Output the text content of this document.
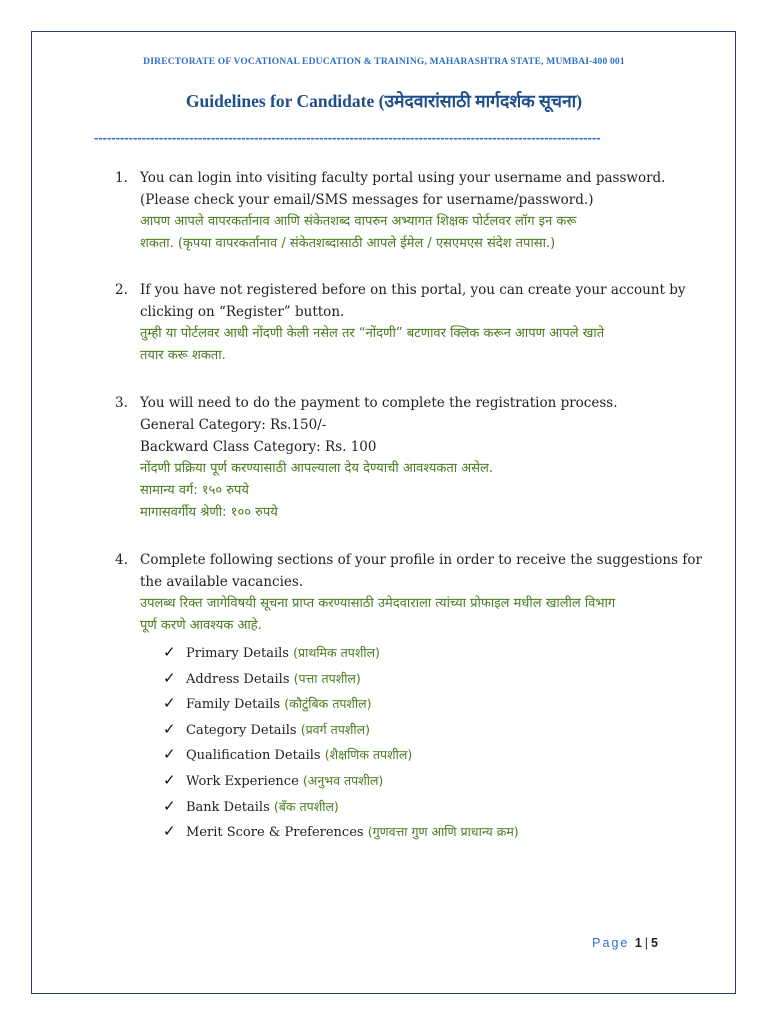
DIRECTORATE OF VOCATIONAL EDUCATION & TRAINING, MAHARASHTRA STATE, MUMBAI-400 001
Guidelines for Candidate (उमेदवारांसाठी मार्गदर्शक सूचना)
---------------------------------------------------------------------------------------------------------------------
1. You can login into visiting faculty portal using your username and password.
(Please check your email/SMS messages for username/password.)
आपण आपले वापरकर्तानाव आणि संकेतशब्द वापरुन अभ्यागत शिक्षक पोर्टलवर लॉग इन करू
शकता. (कृपया वापरकर्तानाव / संकेतशब्दासाठी आपले ईमेल / एसएमएस संदेश तपासा.)
2. If you have not registered before on this portal, you can create your account by
clicking on “Register” button.
तुम्ही या पोर्टलवर आधी नोंदणी केली नसेल तर “नोंदणी” बटणावर क्लिक करून आपण आपले खाते
तयार करू शकता.
3. You will need to do the payment to complete the registration process.
General Category: Rs.150/-
Backward Class Category: Rs. 100
नोंदणी प्रक्रिया पूर्ण करण्यासाठी आपल्याला देय देण्याची आवश्यकता असेल.
सामान्य वर्ग: १५० रुपये
मागासवर्गीय श्रेणी: १०० रुपये
4. Complete following sections of your profile in order to receive the suggestions for
the available vacancies.
उपलब्ध रिक्त जागेविषयी सूचना प्राप्त करण्यासाठी उमेदवाराला त्यांच्या प्रोफाइल मधील खालील विभाग
पूर्ण करणे आवश्यक आहे.
✓ Primary Details (प्राथमिक तपशील)
✓ Address Details (पत्ता तपशील)
✓ Family Details (कौटुंबिक तपशील)
✓ Category Details (प्रवर्ग तपशील)
✓ Qualification Details (शैक्षणिक तपशील)
✓ Work Experience (अनुभव तपशील)
✓ Bank Details (बँक तपशील)
✓ Merit Score & Preferences (गुणवत्ता गुण आणि प्राधान्य क्रम)
Page 1 | 5
